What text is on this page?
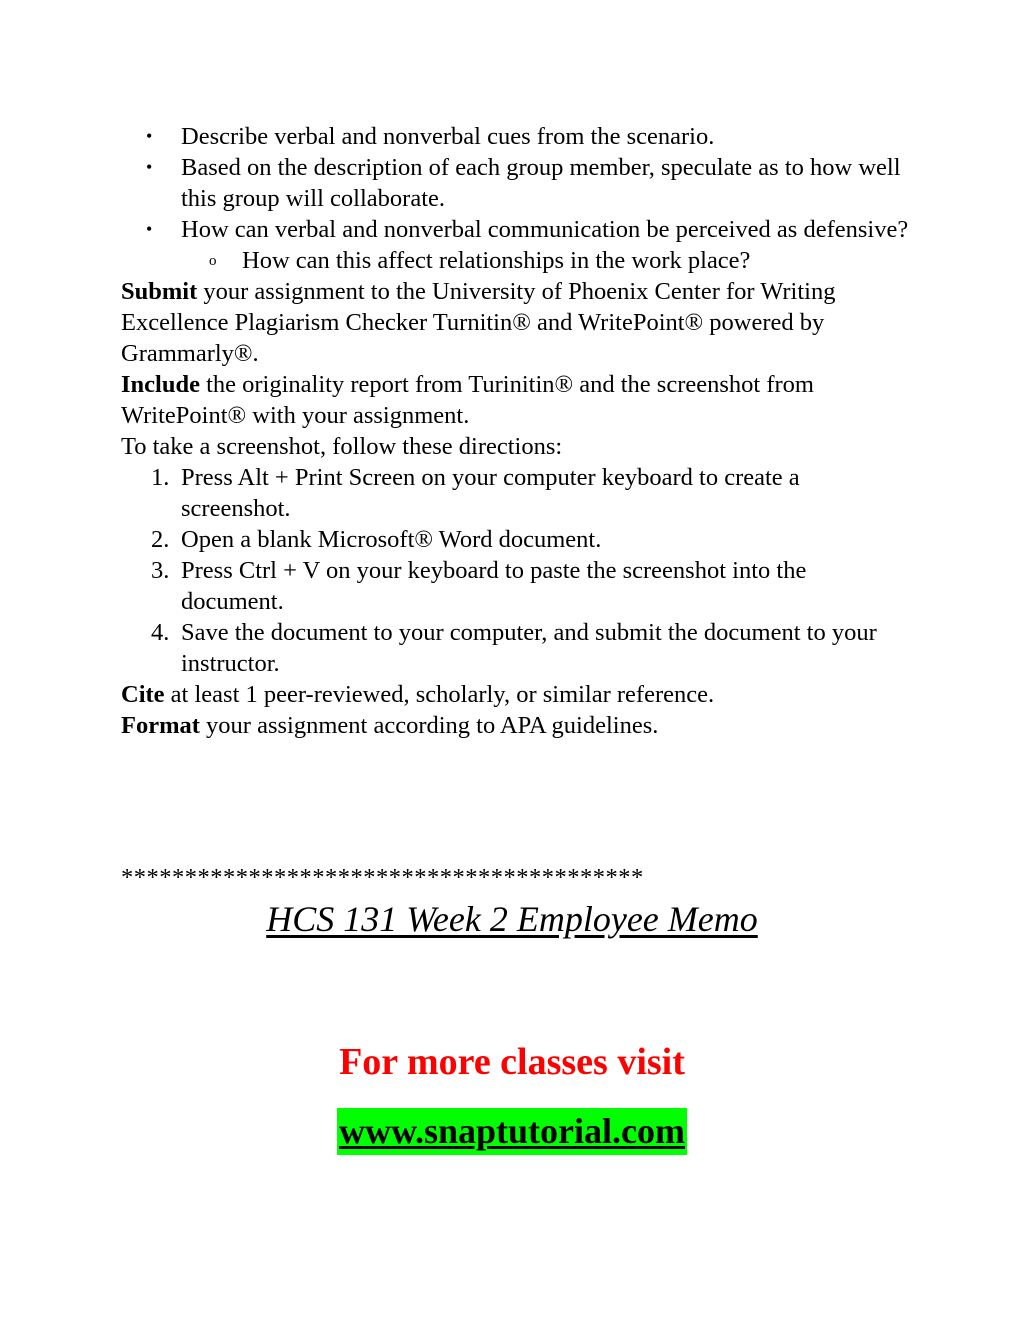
• Describe verbal and nonverbal cues from the scenario.
• Based on the description of each group member, speculate as to how well this group will collaborate.
• How can verbal and nonverbal communication be perceived as defensive?
o How can this affect relationships in the work place?

Submit your assignment to the University of Phoenix Center for Writing Excellence Plagiarism Checker Turnitin® and WritePoint® powered by Grammarly®.

Include the originality report from Turinitin® and the screenshot from WritePoint® with your assignment.

To take a screenshot, follow these directions:

1. Press Alt + Print Screen on your computer keyboard to create a screenshot.
2. Open a blank Microsoft® Word document.
3. Press Ctrl + V on your keyboard to paste the screenshot into the document.
4. Save the document to your computer, and submit the document to your instructor.

Cite at least 1 peer-reviewed, scholarly, or similar reference.

Format your assignment according to APA guidelines.

*****************************************
HCS 131 Week 2 Employee Memo
For more classes visit
www.snaptutorial.com
